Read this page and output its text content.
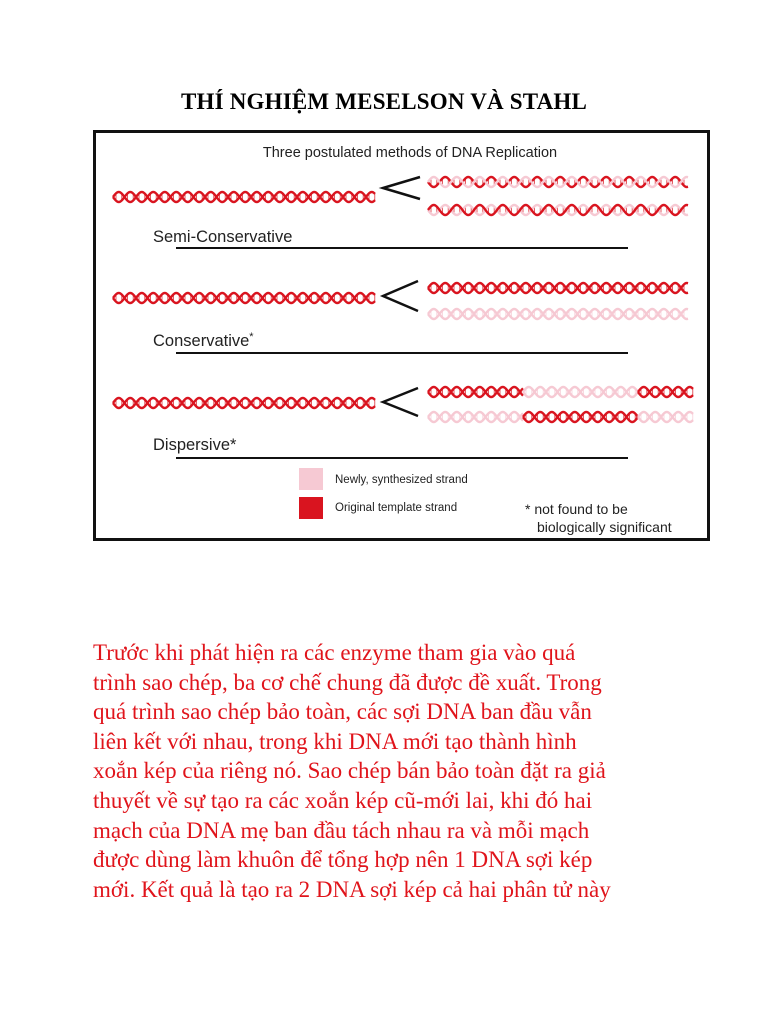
THÍ NGHIỆM MESELSON VÀ STAHL
Three postulated methods of DNA Replication
Semi-Conservative
Conservative*
Dispersive*
Newly, synthesized strand
Original template strand	* not found to be
biologically significant
Trước khi phát hiện ra các enzyme tham gia vào quá
trình sao chép, ba cơ chế chung đã được đề xuất. Trong
quá trình sao chép bảo toàn, các sợi DNA ban đầu vẫn
liên kết với nhau, trong khi DNA mới tạo thành hình
xoắn kép của riêng nó. Sao chép bán bảo toàn đặt ra giả
thuyết về sự tạo ra các xoắn kép cũ-mới lai, khi đó hai
mạch của DNA mẹ ban đầu tách nhau ra và mỗi mạch
được dùng làm khuôn để tổng hợp nên 1 DNA sợi kép
mới. Kết quả là tạo ra 2 DNA sợi kép cả hai phân tử này
